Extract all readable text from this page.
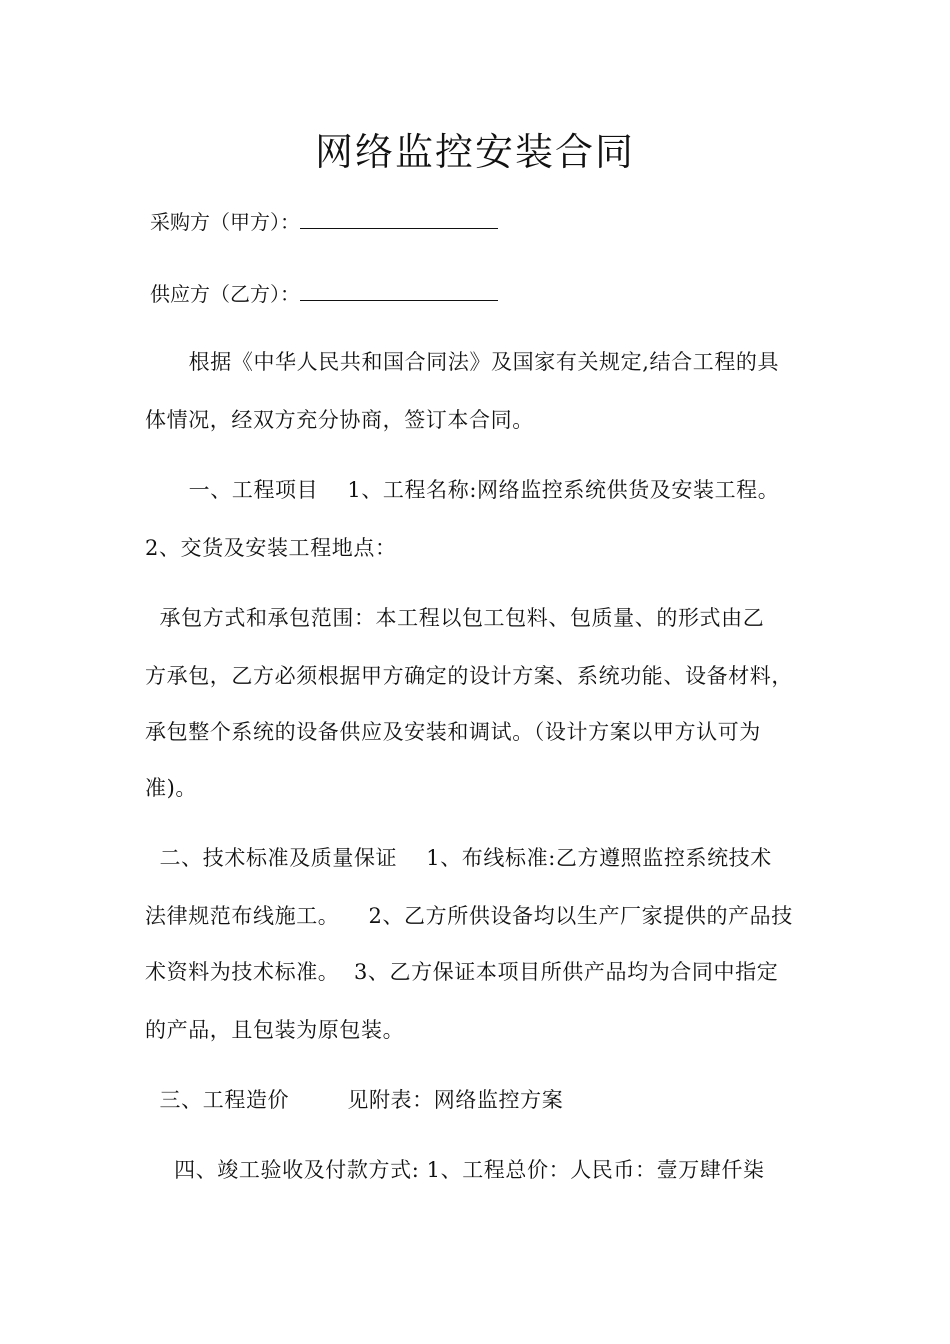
网络监控安装合同
采购方（甲方）：
供应方（乙方）：
根据《中华人民共和国合同法》及国家有关规定,结合工程的具
体情况，经双方充分协商，签订本合同。
一、工程项目    1、工程名称:网络监控系统供货及安装工程。
2、交货及安装工程地点：
承包方式和承包范围：本工程以包工包料、包质量、的形式由乙
方承包，乙方必须根据甲方确定的设计方案、系统功能、设备材料，
承包整个系统的设备供应及安装和调试。（设计方案以甲方认可为
准)。
二、技术标准及质量保证    1、布线标准:乙方遵照监控系统技术
法律规范布线施工。    2、乙方所供设备均以生产厂家提供的产品技
术资料为技术标准。  3、乙方保证本项目所供产品均为合同中指定
的产品，且包装为原包装。
三、工程造价        见附表：网络监控方案
四、竣工验收及付款方式: 1、工程总价：人民币：壹万肆仟柒
